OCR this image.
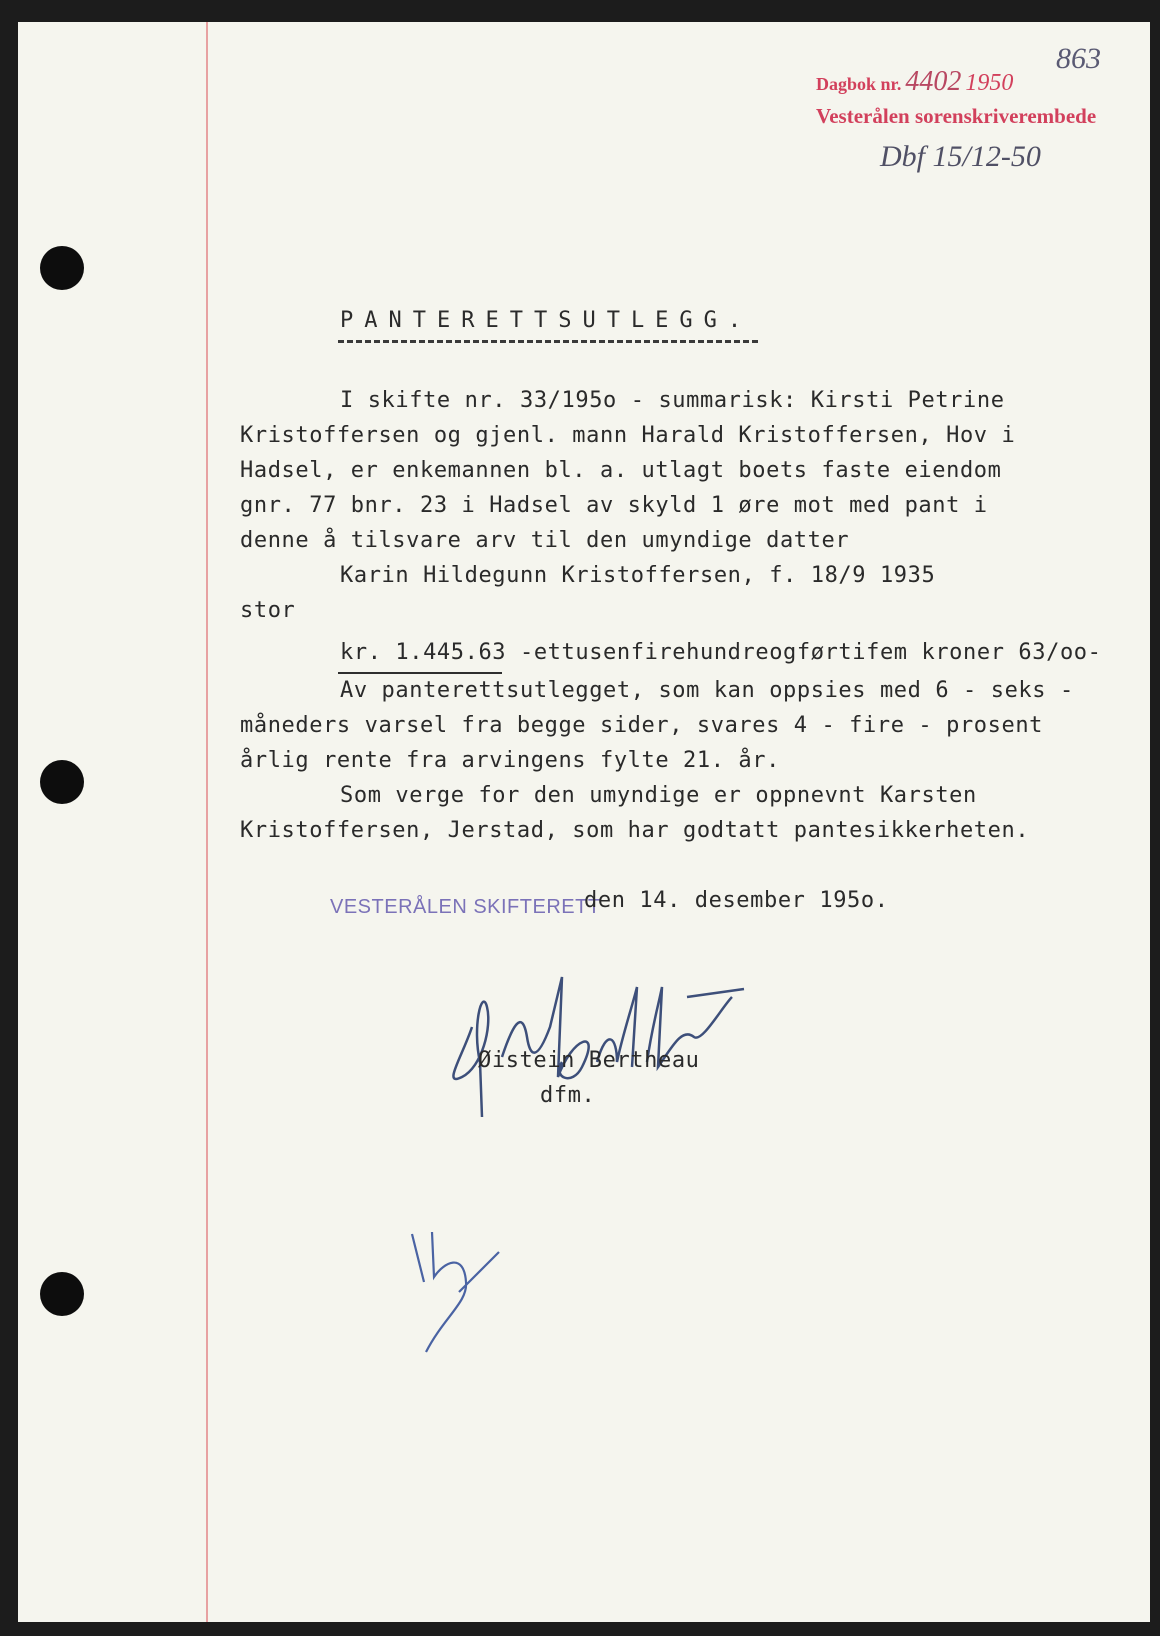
Dagbok nr. 4402 1950
Vesterålen sorenskriverembede
863
Dbf 15/12-50
PANTERETTSUTLEGG.
I skifte nr. 33/195o - summarisk: Kirsti Petrine
Kristoffersen og gjenl. mann Harald Kristoffersen, Hov i
Hadsel, er enkemannen bl. a. utlagt boets faste eiendom
gnr. 77 bnr. 23 i Hadsel av skyld 1 øre mot med pant i
denne å tilsvare arv til den umyndige datter
Karin Hildegunn Kristoffersen, f. 18/9 1935
stor
kr. 1.445.63 -ettusenfirehundreogførtifem kroner 63/oo-
Av panterettsutlegget, som kan oppsies med 6 - seks -
måneders varsel fra begge sider, svares 4 - fire - prosent
årlig rente fra arvingens fylte 21. år.
Som verge for den umyndige er oppnevnt Karsten
Kristoffersen, Jerstad, som har godtatt pantesikkerheten.
VESTERÅLEN SKIFTERETT
den 14. desember 195o.
Øistein Bertheau
dfm.
